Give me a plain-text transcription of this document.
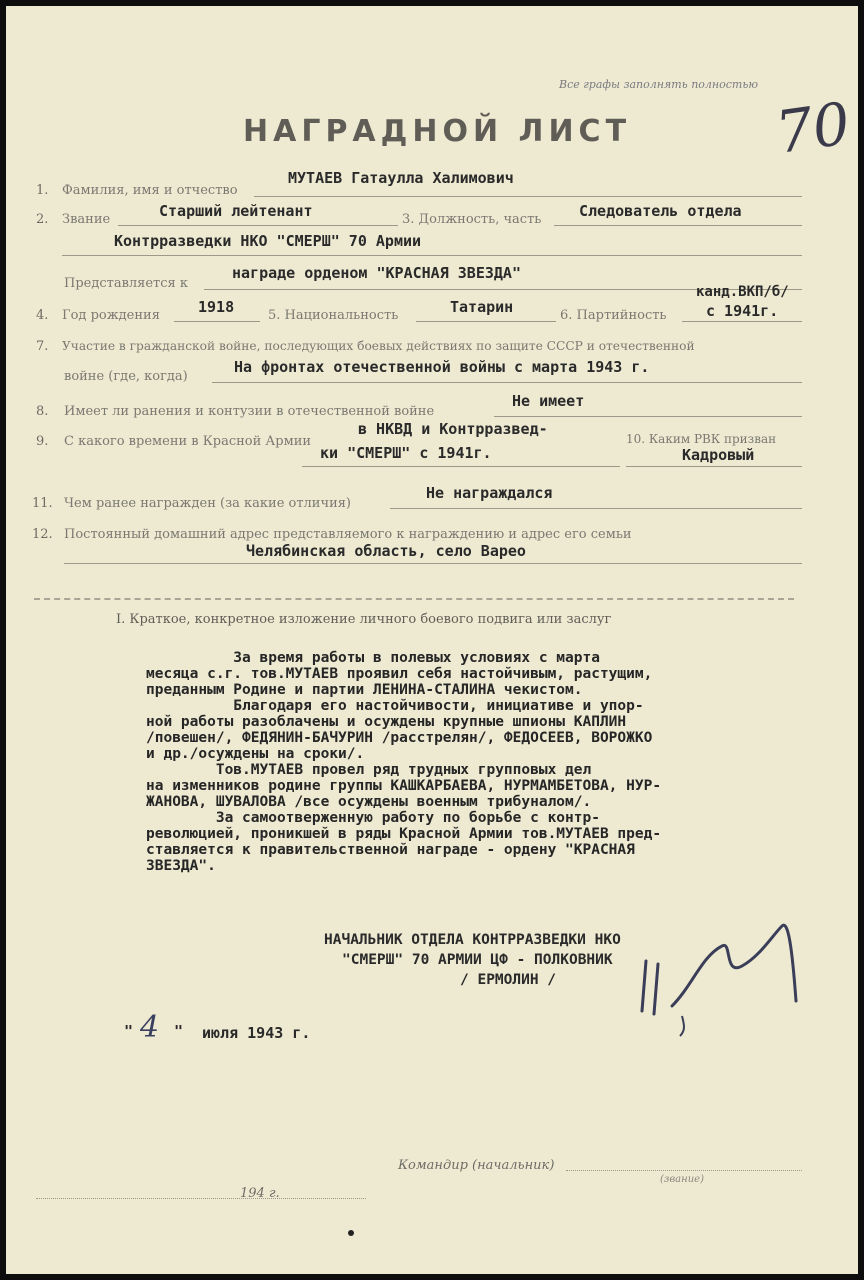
Все графы заполнять полностью
70
НАГРАДНОЙ ЛИСТ
1. Фамилия, имя и отчество
МУТАЕВ Гатаулла Халимович
2. Звание	Старший лейтенант	3. Должность, часть	Следователь отдела
Контрразведки НКО "СМЕРШ" 70 Армии
Представляется к
награде орденом "КРАСНАЯ ЗВЕЗДА"
4. Год рождения	1918	5. Национальность	Татарин	6. Партийность
канд.ВКП/б/
с 1941г.
7. Участие в гражданской войне, последующих боевых действиях по защите СССР и отечественной
войне (где, когда)
На фронтах отечественной войны с марта 1943 г.
8. Имеет ли ранения и контузии в отечественной войне
Не имеет
9. С какого времени в Красной Армии
в НКВД и Контрразвед-
ки "СМЕРШ" с 1941г.
10. Каким РВК призван
Кадровый
11. Чем ранее награжден (за какие отличия)
Не награждался
12. Постоянный домашний адрес представляемого к награждению и адрес его семьи
Челябинская область, село Варео
I. Краткое, конкретное изложение личного боевого подвига или заслуг
За время работы в полевых условиях с марта
месяца с.г. тов.МУТАЕВ проявил себя настойчивым, растущим,
преданным Родине и партии ЛЕНИНА-СТАЛИНА чекистом.
Благодаря его настойчивости, инициативе и упор-
ной работы разоблачены и осуждены крупные шпионы КАПЛИН
/повешен/, ФЕДЯНИН-БАЧУРИН /расстрелян/, ФЕДОСЕЕВ, ВОРОЖКО
и др./осуждены на сроки/.
Тов.МУТАЕВ провел ряд трудных групповых дел
на изменников родине группы КАШКАРБАЕВА, НУРМАМБЕТОВА, НУР-
ЖАНОВА, ШУВАЛОВА /все осуждены военным трибуналом/.
За самоотверженную работу по борьбе с контр-
революцией, проникшей в ряды Красной Армии тов.МУТАЕВ пред-
ставляется к правительственной награде - ордену "КРАСНАЯ
ЗВЕЗДА".
НАЧАЛЬНИК ОТДЕЛА КОНТРРАЗВЕДКИ НКО
"СМЕРШ" 70 АРМИИ ЦФ - ПОЛКОВНИК
/ ЕРМОЛИН /
" 4 " июля 1943 г.
Командир (начальник)
(звание)
194 г.
